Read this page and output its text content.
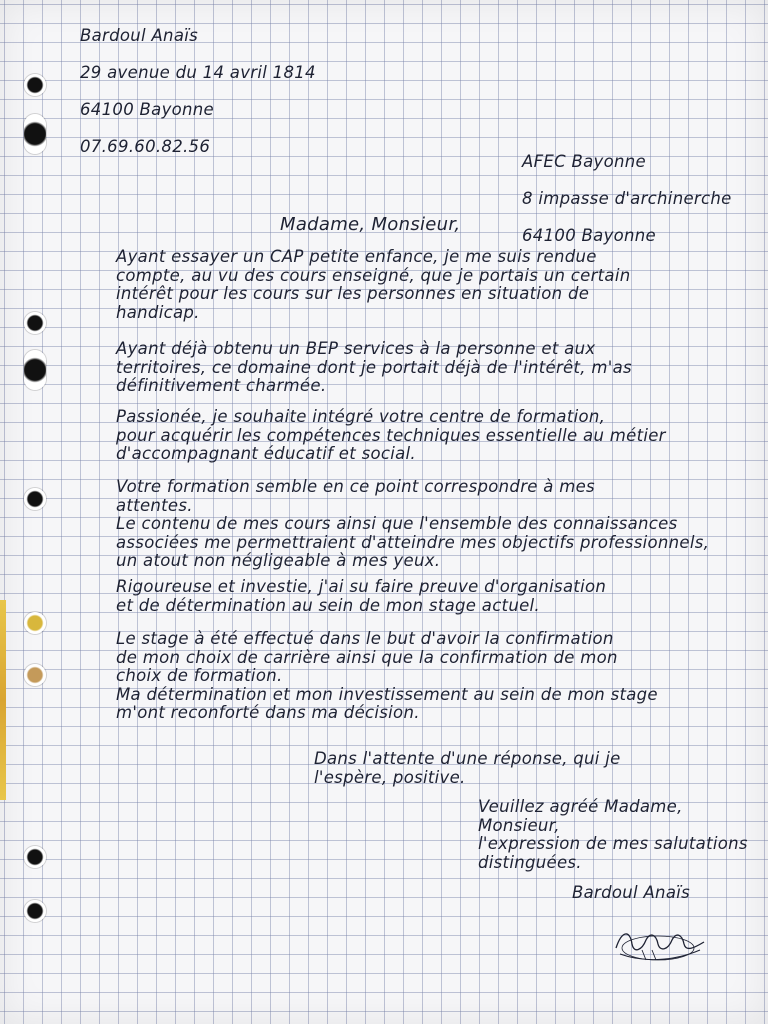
Bardoul Anaïs

29 avenue du 14 avril 1814

64100 Bayonne

07.69.60.82.56

AFEC Bayonne

8 impasse d'archinerche

64100 Bayonne

Madame, Monsieur,

Ayant essayer un CAP petite enfance, je me suis rendue
compte, au vu des cours enseigné, que je portais un certain
intérêt pour les cours sur les personnes en situation de
handicap.

Ayant déjà obtenu un BEP services à la personne et aux
territoires, ce domaine dont je portait déjà de l'intérêt, m'as
définitivement charmée.

Passionée, je souhaite intégré votre centre de formation,
pour acquérir les compétences techniques essentielle au métier
d'accompagnant éducatif et social.

Votre formation semble en ce point correspondre à mes
attentes.
Le contenu de mes cours ainsi que l'ensemble des connaissances
associées me permettraient d'atteindre mes objectifs professionnels,
un atout non négligeable à mes yeux.

Rigoureuse et investie, j'ai su faire preuve d'organisation
et de détermination au sein de mon stage actuel.

Le stage à été effectué dans le but d'avoir la confirmation
de mon choix de carrière ainsi que la confirmation de mon
choix de formation.
Ma détermination et mon investissement au sein de mon stage
m'ont reconforté dans ma décision.

Dans l'attente d'une réponse, qui je
l'espère, positive.

Veuillez agréé Madame, Monsieur,
l'expression de mes salutations
distinguées.

Bardoul Anaïs
